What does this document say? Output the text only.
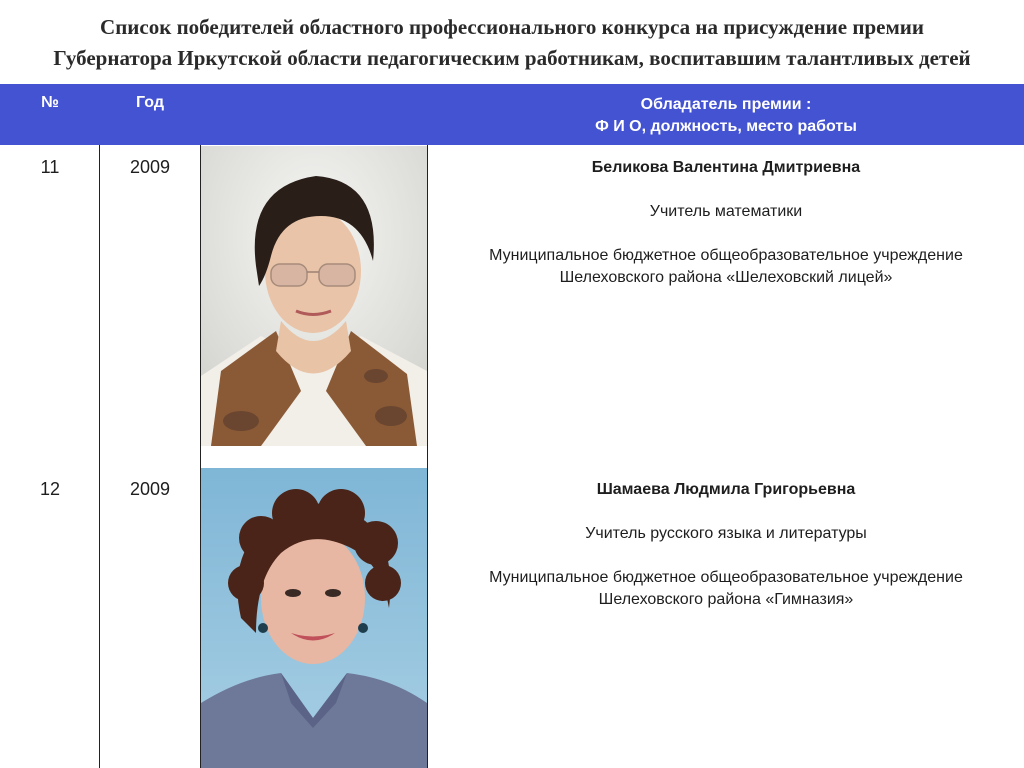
Список победителей областного профессионального конкурса на присуждение премии
Губернатора Иркутской области педагогическим работникам, воспитавшим талантливых детей
№	Год	Обладатель премии :
Ф И О, должность, место работы
11	2009	Беликова Валентина Дмитриевна
Учитель математики
Муниципальное бюджетное общеобразовательное учреждение
Шелеховского района «Шелеховский лицей»
12	2009	Шамаева Людмила Григорьевна
Учитель русского языка и литературы
Муниципальное бюджетное общеобразовательное учреждение
Шелеховского района «Гимназия»
